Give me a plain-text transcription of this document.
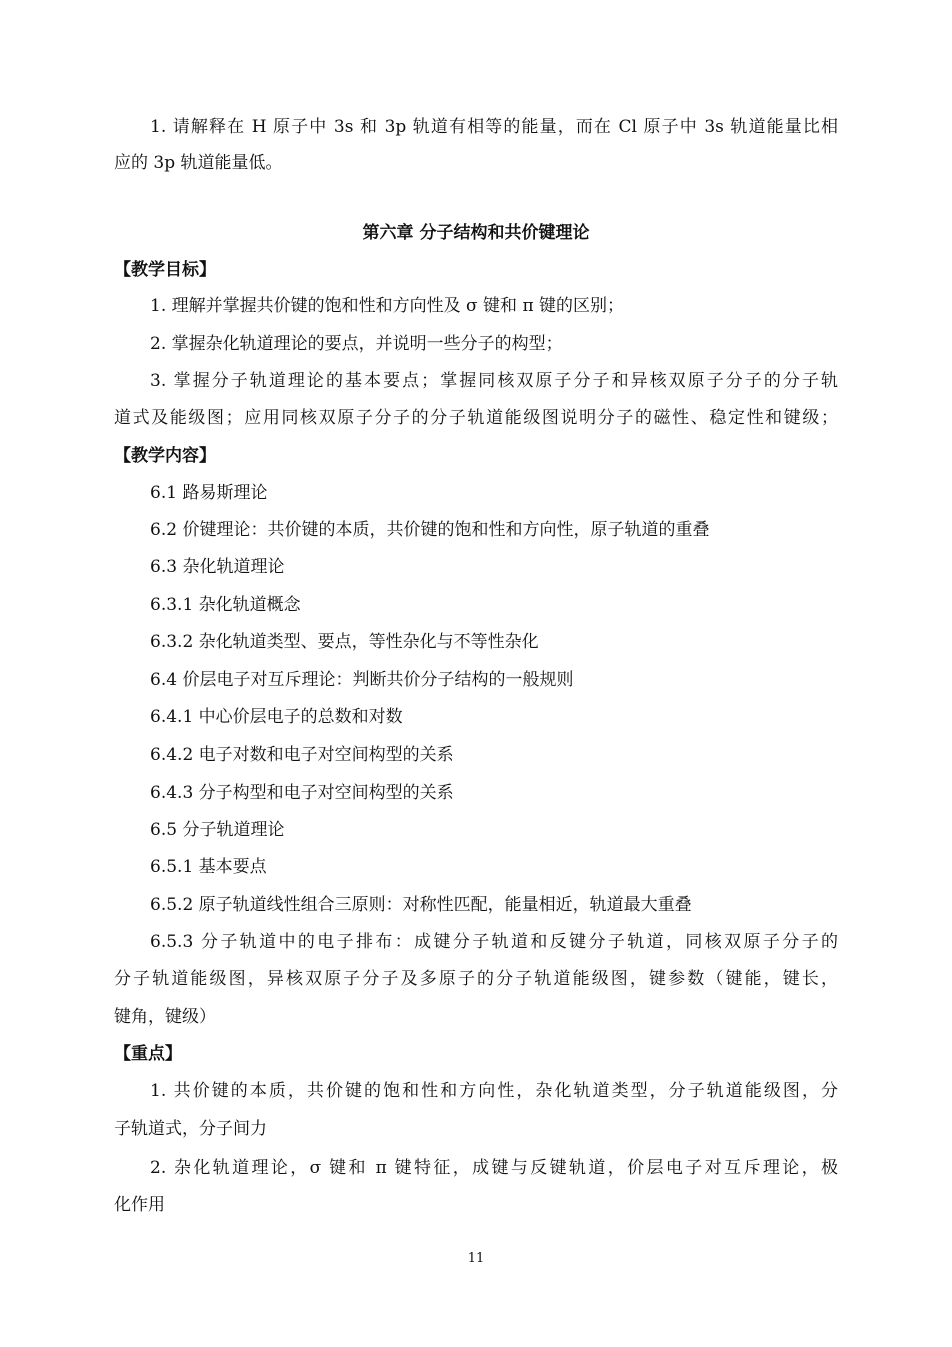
1. 请解释在 H 原子中 3s 和 3p 轨道有相等的能量，而在 Cl 原子中 3s 轨道能量比相
应的 3p 轨道能量低。
第六章 分子结构和共价键理论
【教学目标】
1. 理解并掌握共价键的饱和性和方向性及 σ 键和 π 键的区别；
2. 掌握杂化轨道理论的要点，并说明一些分子的构型；
3. 掌握分子轨道理论的基本要点；掌握同核双原子分子和异核双原子分子的分子轨
道式及能级图；应用同核双原子分子的分子轨道能级图说明分子的磁性、稳定性和键级；
【教学内容】
6.1 路易斯理论
6.2 价键理论：共价键的本质，共价键的饱和性和方向性，原子轨道的重叠
6.3 杂化轨道理论
6.3.1 杂化轨道概念
6.3.2 杂化轨道类型、要点，等性杂化与不等性杂化
6.4 价层电子对互斥理论：判断共价分子结构的一般规则
6.4.1 中心价层电子的总数和对数
6.4.2 电子对数和电子对空间构型的关系
6.4.3 分子构型和电子对空间构型的关系
6.5 分子轨道理论
6.5.1 基本要点
6.5.2 原子轨道线性组合三原则：对称性匹配，能量相近，轨道最大重叠
6.5.3 分子轨道中的电子排布：成键分子轨道和反键分子轨道，同核双原子分子的
分子轨道能级图，异核双原子分子及多原子的分子轨道能级图，键参数（键能，键长，
键角，键级）
【重点】
1. 共价键的本质，共价键的饱和性和方向性，杂化轨道类型，分子轨道能级图，分
子轨道式，分子间力
2. 杂化轨道理论，σ 键和 π 键特征，成键与反键轨道，价层电子对互斥理论，极
化作用
11
